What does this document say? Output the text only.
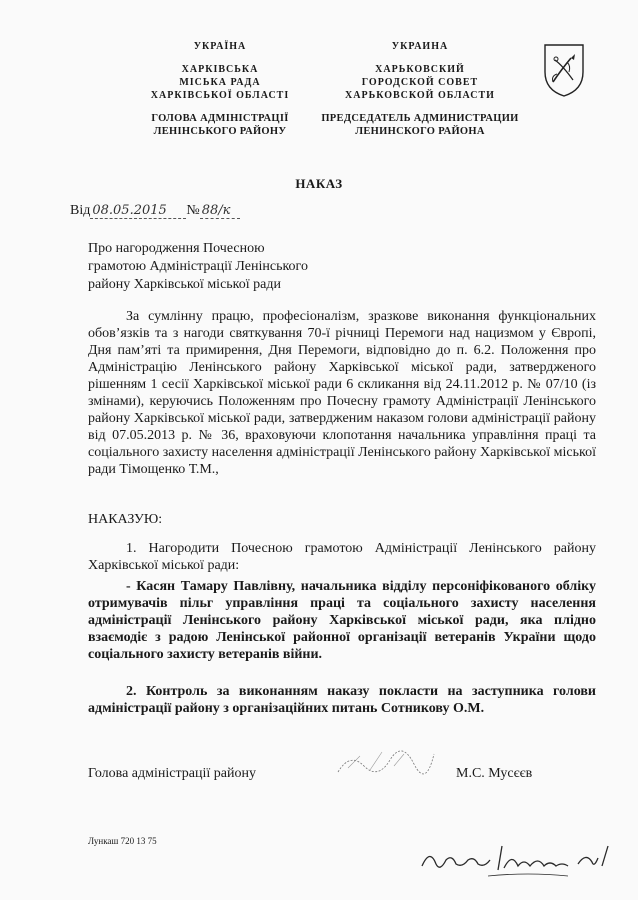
УКРАЇНА
ХАРКІВСЬКА
МІСЬКА РАДА
ХАРКІВСЬКОЇ ОБЛАСТІ
ГОЛОВА АДМІНІСТРАЦІЇ
ЛЕНІНСЬКОГО РАЙОНУ
УКРАИНА
ХАРЬКОВСКИЙ
ГОРОДСКОЙ СОВЕТ
ХАРЬКОВСКОЙ ОБЛАСТИ
ПРЕДСЕДАТЕЛЬ АДМИНИСТРАЦИИ
ЛЕНИНСКОГО РАЙОНА
НАКАЗ
Від 08.05.2015 № 88/к
Про нагородження Почесною
грамотою Адміністрації Ленінського
району Харківської міської ради
За сумлінну працю, професіоналізм, зразкове виконання функціональних обов’язків та з нагоди святкування 70-ї річниці Перемоги над нацизмом у Європі, Дня пам’яті та примирення, Дня Перемоги, відповідно до п. 6.2. Положення про Адміністрацію Ленінського району Харківської міської ради, затвердженого рішенням 1 сесії Харківської міської ради 6 скликання від 24.11.2012 р. № 07/10 (із змінами), керуючись Положенням про Почесну грамоту Адміністрації Ленінського району Харківської міської ради, затвердженим наказом голови адміністрації району від 07.05.2013 р. № 36, враховуючи клопотання начальника управління праці та соціального захисту населення адміністрації Ленінського району Харківської міської ради Тімощенко Т.М.,
НАКАЗУЮ:
1. Нагородити Почесною грамотою Адміністрації Ленінського району Харківської міської ради:
- Касян Тамару Павлівну, начальника відділу персоніфікованого обліку отримувачів пільг управління праці та соціального захисту населення адміністрації Ленінського району Харківської міської ради, яка плідно взаємодіє з радою Ленінської районної організації ветеранів України щодо соціального захисту ветеранів війни.
2. Контроль за виконанням наказу покласти на заступника голови адміністрації району з організаційних питань Сотникову О.М.
Голова адміністрації району	М.С. Мусєєв
Лункаш 720 13 75
